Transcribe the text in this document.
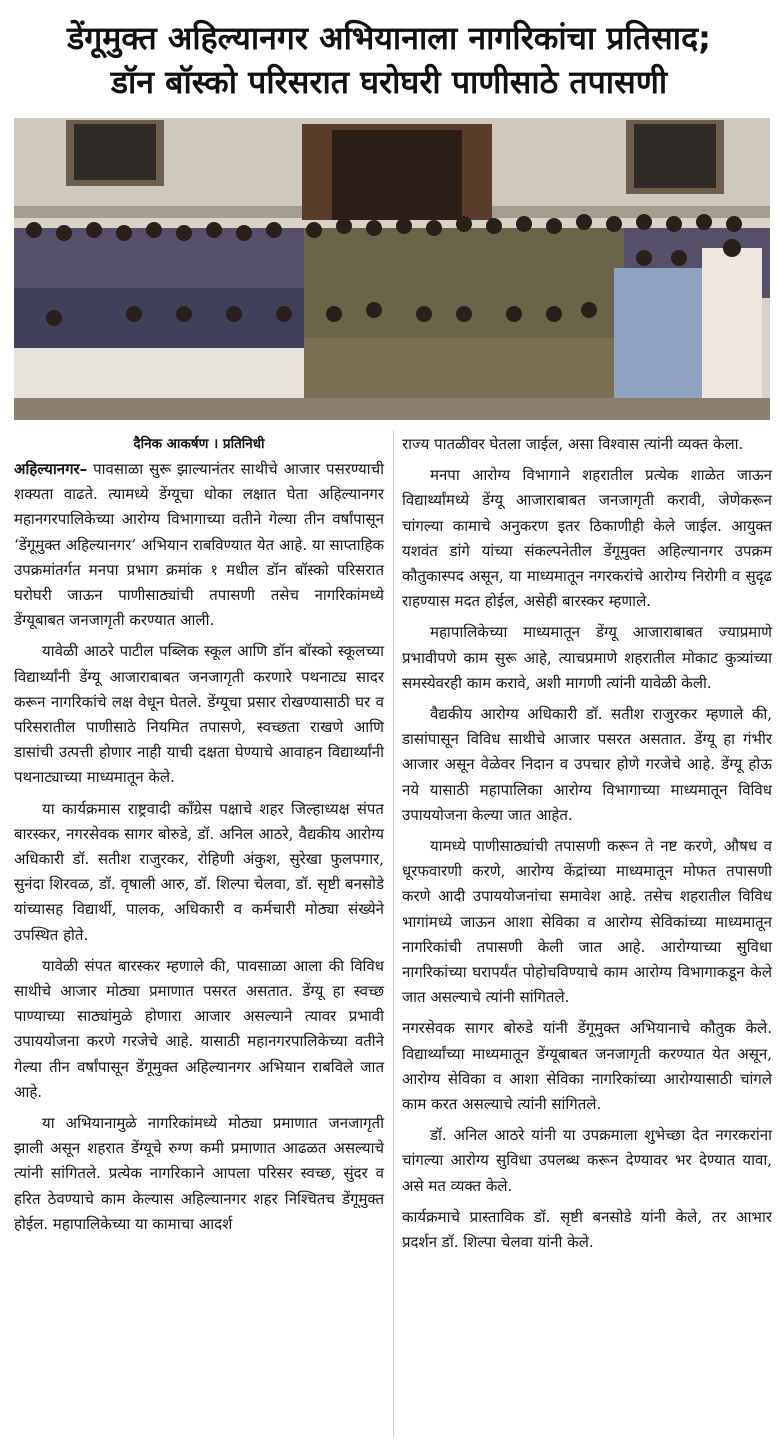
डेंगूमुक्त अहिल्यानगर अभियानाला नागरिकांचा प्रतिसाद;
डॉन बॉस्को परिसरात घरोघरी पाणीसाठे तपासणी
दैनिक आकर्षण । प्रतिनिधी

अहिल्यानगर– पावसाळा सुरू झाल्यानंतर साथीचे आजार पसरण्याची शक्यता वाढते. त्यामध्ये डेंग्यूचा धोका लक्षात घेता अहिल्यानगर महानगरपालिकेच्या आरोग्य विभागाच्या वतीने गेल्या तीन वर्षांपासून ‘डेंगूमुक्त अहिल्यानगर’ अभियान राबविण्यात येत आहे. या साप्ताहिक उपक्रमांतर्गत मनपा प्रभाग क्रमांक १ मधील डॉन बॉस्को परिसरात घरोघरी जाऊन पाणीसाठ्यांची तपासणी तसेच नागरिकांमध्ये डेंग्यूबाबत जनजागृती करण्यात आली.

यावेळी आठरे पाटील पब्लिक स्कूल आणि डॉन बॉस्को स्कूलच्या विद्यार्थ्यांनी डेंग्यू आजाराबाबत जनजागृती करणारे पथनाट्य सादर करून नागरिकांचे लक्ष वेधून घेतले. डेंग्यूचा प्रसार रोखण्यासाठी घर व परिसरातील पाणीसाठे नियमित तपासणे, स्वच्छता राखणे आणि डासांची उत्पत्ती होणार नाही याची दक्षता घेण्याचे आवाहन विद्यार्थ्यांनी पथनाट्याच्या माध्यमातून केले.

या कार्यक्रमास राष्ट्रवादी कॉंग्रेस पक्षाचे शहर जिल्हाध्यक्ष संपत बारस्कर, नगरसेवक सागर बोरुडे, डॉ. अनिल आठरे, वैद्यकीय आरोग्य अधिकारी डॉ. सतीश राजुरकर, रोहिणी अंकुश, सुरेखा फुलपगार, सुनंदा शिरवळ, डॉ. वृषाली आरु, डॉ. शिल्पा चेलवा, डॉ. सृष्टी बनसोडे यांच्यासह विद्यार्थी, पालक, अधिकारी व कर्मचारी मोठ्या संख्येने उपस्थित होते.

यावेळी संपत बारस्कर म्हणाले की, पावसाळा आला की विविध साथीचे आजार मोठ्या प्रमाणात पसरत असतात. डेंग्यू हा स्वच्छ पाण्याच्या साठ्यांमुळे होणारा आजार असल्याने त्यावर प्रभावी उपाययोजना करणे गरजेचे आहे. यासाठी महानगरपालिकेच्या वतीने गेल्या तीन वर्षांपासून डेंगूमुक्त अहिल्यानगर अभियान राबविले जात आहे.

या अभियानामुळे नागरिकांमध्ये मोठ्या प्रमाणात जनजागृती झाली असून शहरात डेंग्यूचे रुग्ण कमी प्रमाणात आढळत असल्याचे त्यांनी सांगितले. प्रत्येक नागरिकाने आपला परिसर स्वच्छ, सुंदर व हरित ठेवण्याचे काम केल्यास अहिल्यानगर शहर निश्चितच डेंगूमुक्त होईल. महापालिकेच्या या कामाचा आदर्श

राज्य पातळीवर घेतला जाईल, असा विश्वास त्यांनी व्यक्त केला.

मनपा आरोग्य विभागाने शहरातील प्रत्येक शाळेत जाऊन विद्यार्थ्यांमध्ये डेंग्यू आजाराबाबत जनजागृती करावी, जेणेकरून चांगल्या कामाचे अनुकरण इतर ठिकाणीही केले जाईल. आयुक्त यशवंत डांगे यांच्या संकल्पनेतील डेंगूमुक्त अहिल्यानगर उपक्रम कौतुकास्पद असून, या माध्यमातून नगरकरांचे आरोग्य निरोगी व सुदृढ राहण्यास मदत होईल, असेही बारस्कर म्हणाले.

महापालिकेच्या माध्यमातून डेंग्यू आजाराबाबत ज्याप्रमाणे प्रभावीपणे काम सुरू आहे, त्याचप्रमाणे शहरातील मोकाट कुत्र्यांच्या समस्येवरही काम करावे, अशी मागणी त्यांनी यावेळी केली.

वैद्यकीय आरोग्य अधिकारी डॉ. सतीश राजुरकर म्हणाले की, डासांपासून विविध साथीचे आजार पसरत असतात. डेंग्यू हा गंभीर आजार असून वेळेवर निदान व उपचार होणे गरजेचे आहे. डेंग्यू होऊ नये यासाठी महापालिका आरोग्य विभागाच्या माध्यमातून विविध उपाययोजना केल्या जात आहेत.

यामध्ये पाणीसाठ्यांची तपासणी करून ते नष्ट करणे, औषध व धूरफवारणी करणे, आरोग्य केंद्रांच्या माध्यमातून मोफत तपासणी करणे आदी उपाययोजनांचा समावेश आहे. तसेच शहरातील विविध भागांमध्ये जाऊन आशा सेविका व आरोग्य सेविकांच्या माध्यमातून नागरिकांची तपासणी केली जात आहे. आरोग्याच्या सुविधा नागरिकांच्या घरापर्यंत पोहोचविण्याचे काम आरोग्य विभागाकडून केले जात असल्याचे त्यांनी सांगितले.

नगरसेवक सागर बोरुडे यांनी डेंगूमुक्त अभियानाचे कौतुक केले. विद्यार्थ्यांच्या माध्यमातून डेंग्यूबाबत जनजागृती करण्यात येत असून, आरोग्य सेविका व आशा सेविका नागरिकांच्या आरोग्यासाठी चांगले काम करत असल्याचे त्यांनी सांगितले.

डॉ. अनिल आठरे यांनी या उपक्रमाला शुभेच्छा देत नगरकरांना चांगल्या आरोग्य सुविधा उपलब्ध करून देण्यावर भर देण्यात यावा, असे मत व्यक्त केले.

कार्यक्रमाचे प्रास्ताविक डॉ. सृष्टी बनसोडे यांनी केले, तर आभार प्रदर्शन डॉ. शिल्पा चेलवा यांनी केले.
